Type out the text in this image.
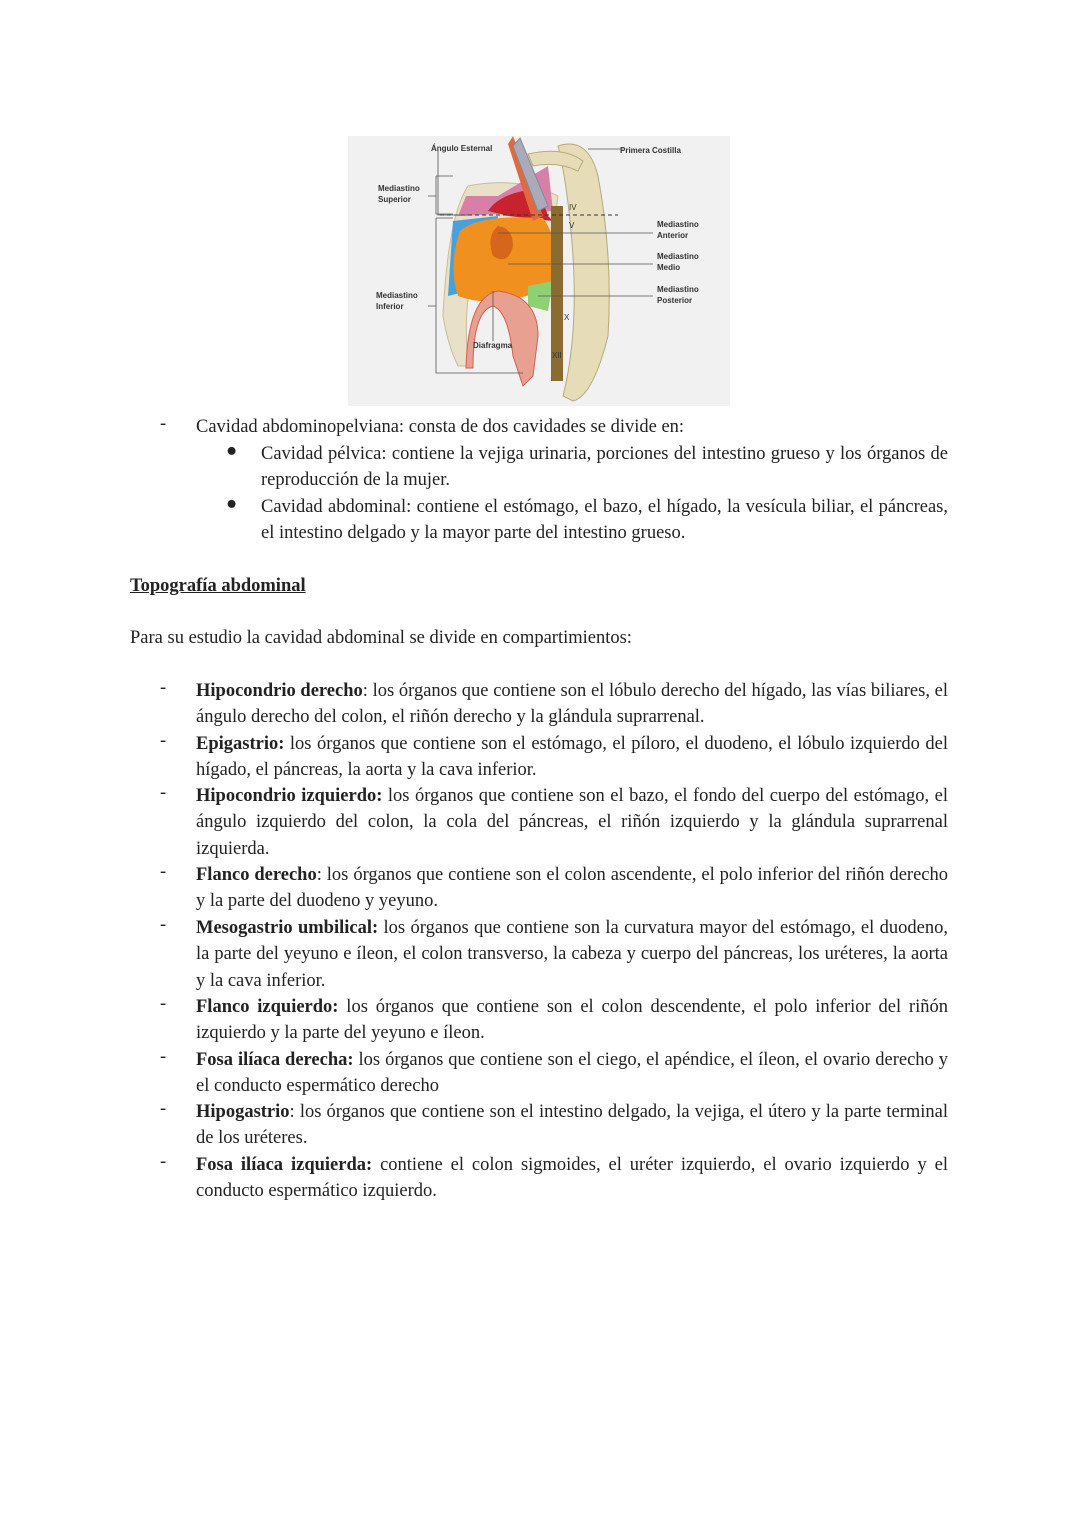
Ángulo Esternal	Primera Costilla
Mediastino
Superior
Mediastino
Anterior
Mediastino
Medio
Mediastino
Posterior
Mediastino
Inferior
Diafragma
IV
V
X
XII
- Cavidad abdominopelviana: consta de dos cavidades se divide en:
● Cavidad pélvica: contiene la vejiga urinaria, porciones del intestino grueso y los órganos de reproducción de la mujer.
● Cavidad abdominal: contiene el estómago, el bazo, el hígado, la vesícula biliar, el páncreas, el intestino delgado y la mayor parte del intestino grueso.
Topografía abdominal
Para su estudio la cavidad abdominal se divide en compartimientos:
- Hipocondrio derecho: los órganos que contiene son el lóbulo derecho del hígado, las vías biliares, el ángulo derecho del colon, el riñón derecho y la glándula suprarrenal.
- Epigastrio: los órganos que contiene son el estómago, el píloro, el duodeno, el lóbulo izquierdo del hígado, el páncreas, la aorta y la cava inferior.
- Hipocondrio izquierdo: los órganos que contiene son el bazo, el fondo del cuerpo del estómago, el ángulo izquierdo del colon, la cola del páncreas, el riñón izquierdo y la glándula suprarrenal izquierda.
- Flanco derecho: los órganos que contiene son el colon ascendente, el polo inferior del riñón derecho y la parte del duodeno y yeyuno.
- Mesogastrio umbilical: los órganos que contiene son la curvatura mayor del estómago, el duodeno, la parte del yeyuno e íleon, el colon transverso, la cabeza y cuerpo del páncreas, los uréteres, la aorta y la cava inferior.
- Flanco izquierdo: los órganos que contiene son el colon descendente, el polo inferior del riñón izquierdo y la parte del yeyuno e íleon.
- Fosa ilíaca derecha: los órganos que contiene son el ciego, el apéndice, el íleon, el ovario derecho y el conducto espermático derecho
- Hipogastrio: los órganos que contiene son el intestino delgado, la vejiga, el útero y la parte terminal de los uréteres.
- Fosa ilíaca izquierda: contiene el colon sigmoides, el uréter izquierdo, el ovario izquierdo y el conducto espermático izquierdo.
